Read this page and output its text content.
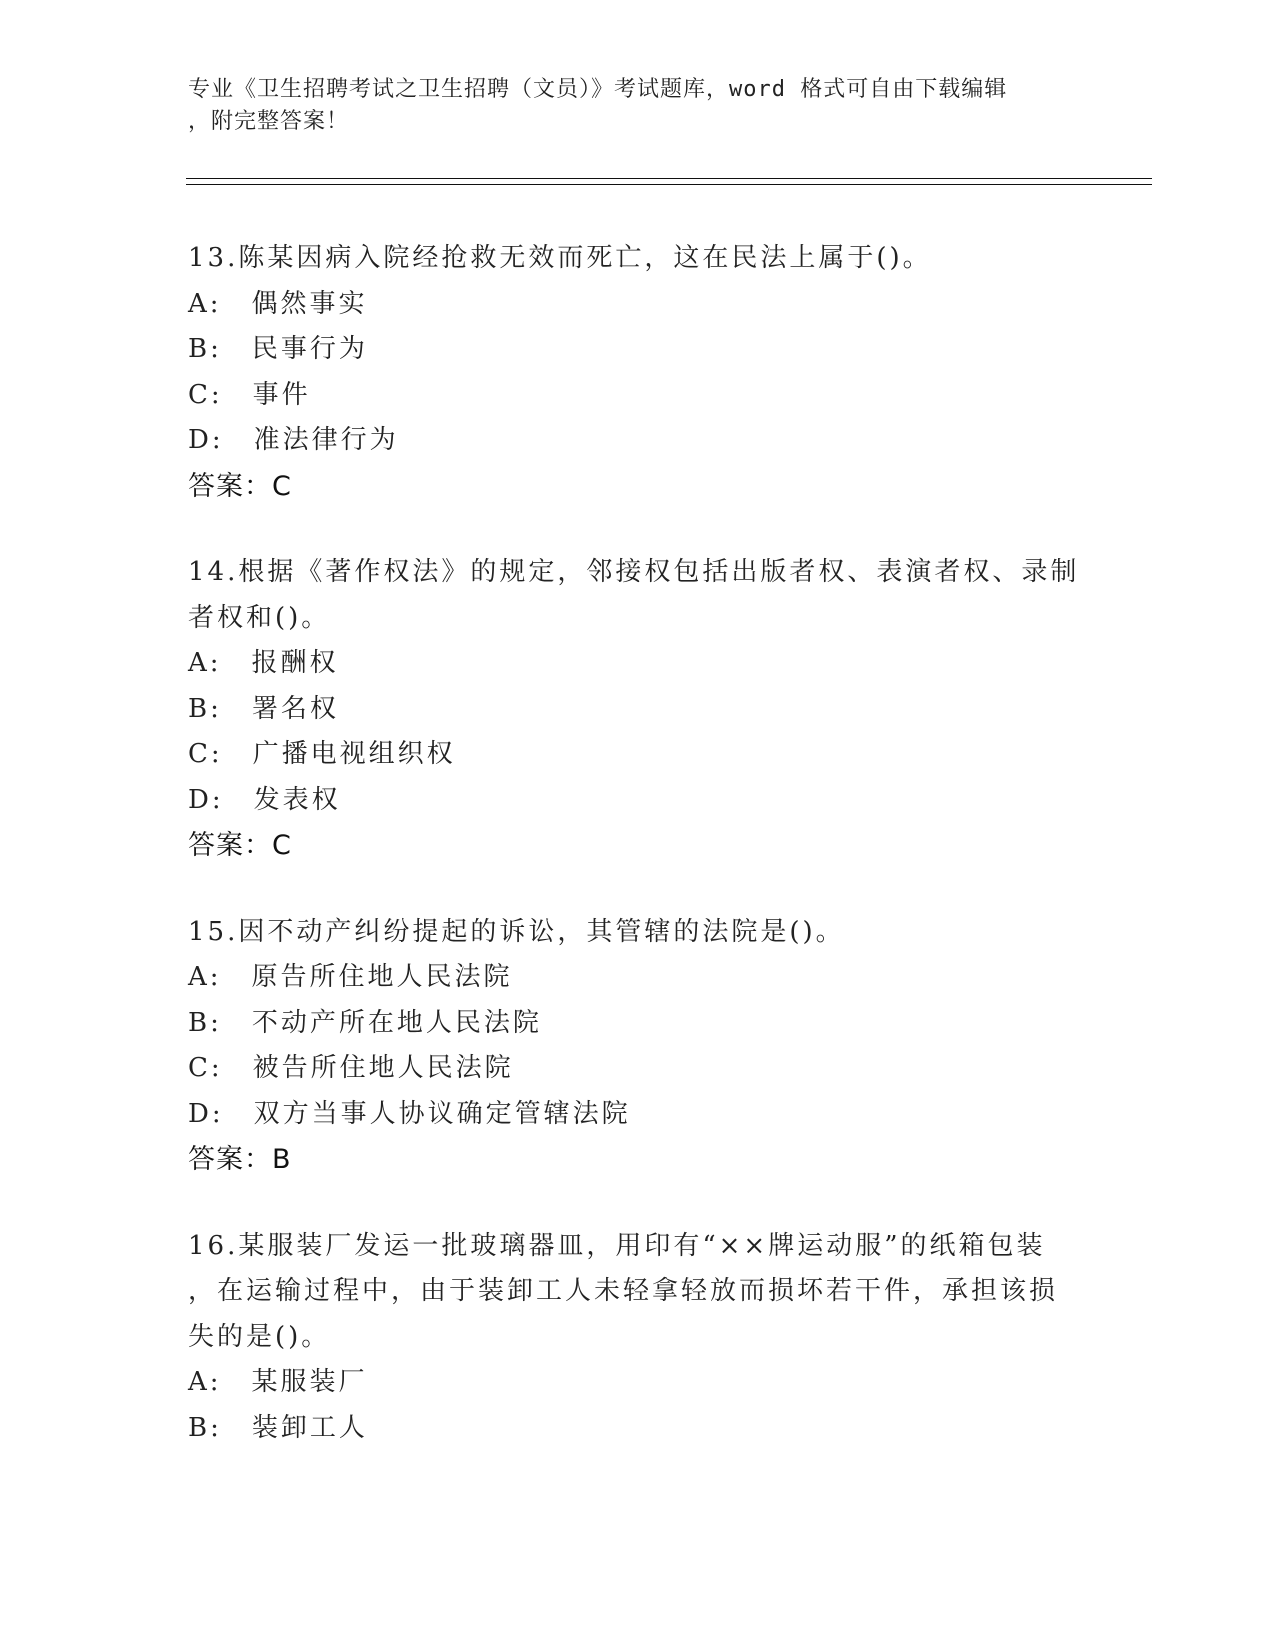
专业《卫生招聘考试之卫生招聘（文员）》考试题库，word 格式可自由下载编辑
，附完整答案！
13.陈某因病入院经抢救无效而死亡，这在民法上属于()。
A: 偶然事实
B: 民事行为
C: 事件
D: 准法律行为
答案：C
14.根据《著作权法》的规定，邻接权包括出版者权、表演者权、录制
者权和()。
A: 报酬权
B: 署名权
C: 广播电视组织权
D: 发表权
答案：C
15.因不动产纠纷提起的诉讼，其管辖的法院是()。
A: 原告所住地人民法院
B: 不动产所在地人民法院
C: 被告所住地人民法院
D: 双方当事人协议确定管辖法院
答案：B
16.某服装厂发运一批玻璃器皿，用印有“××牌运动服”的纸箱包装
，在运输过程中，由于装卸工人未轻拿轻放而损坏若干件，承担该损
失的是()。
A: 某服装厂
B: 装卸工人
